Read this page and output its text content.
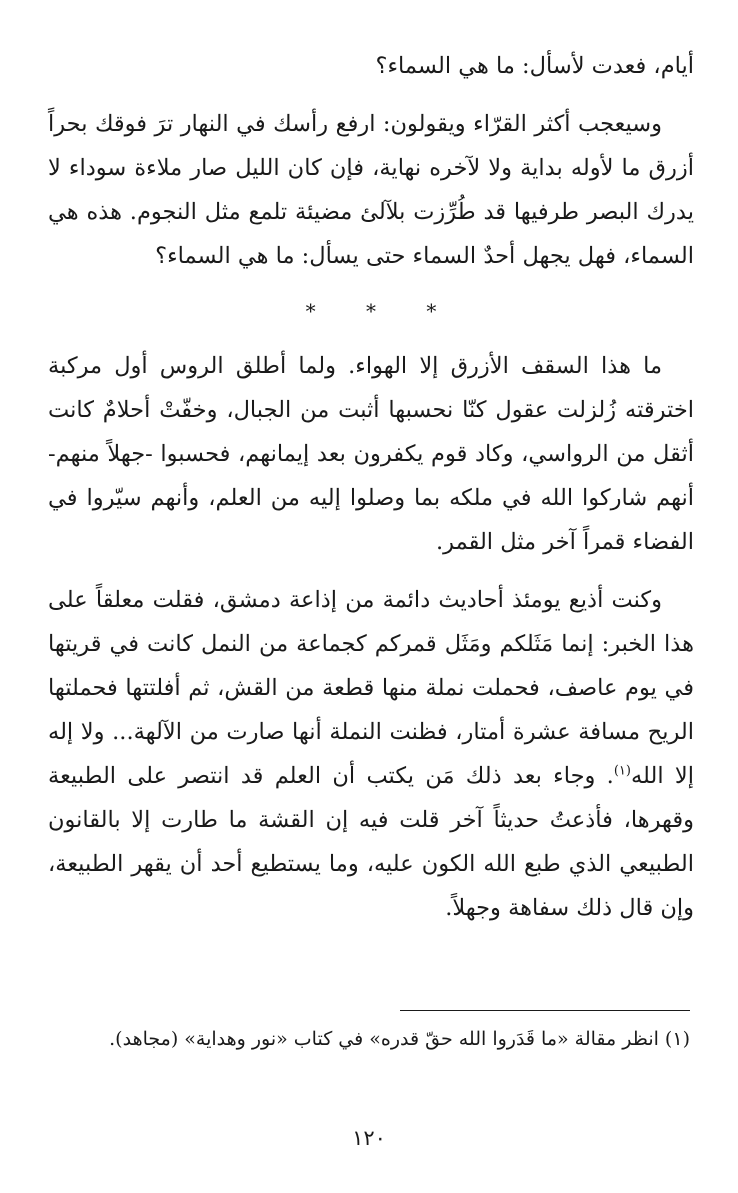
أيام، فعدت لأسأل: ما هي السماء؟

وسيعجب أكثر القرّاء ويقولون: ارفع رأسك في النهار ترَ فوقك بحراً أزرق ما لأوله بداية ولا لآخره نهاية، فإن كان الليل صار ملاءة سوداء لا يدرك البصر طرفيها قد طُرِّزت بلآلئ مضيئة تلمع مثل النجوم. هذه هي السماء، فهل يجهل أحدٌ السماء حتى يسأل: ما هي السماء؟

* * *

ما هذا السقف الأزرق إلا الهواء. ولما أطلق الروس أول مركبة اخترقته زُلزلت عقول كنّا نحسبها أثبت من الجبال، وخفّتْ أحلامٌ كانت أثقل من الرواسي، وكاد قوم يكفرون بعد إيمانهم، فحسبوا -جهلاً منهم- أنهم شاركوا الله في ملكه بما وصلوا إليه من العلم، وأنهم سيّروا في الفضاء قمراً آخر مثل القمر.

وكنت أذيع يومئذ أحاديث دائمة من إذاعة دمشق، فقلت معلقاً على هذا الخبر: إنما مَثَلكم ومَثَل قمركم كجماعة من النمل كانت في قريتها في يوم عاصف، فحملت نملة منها قطعة من القش، ثم أفلتتها فحملتها الريح مسافة عشرة أمتار، فظنت النملة أنها صارت من الآلهة... ولا إله إلا الله$^{(١)}$. وجاء بعد ذلك مَن يكتب أن العلم قد انتصر على الطبيعة وقهرها، فأذعتُ حديثاً آخر قلت فيه إن القشة ما طارت إلا بالقانون الطبيعي الذي طبع الله الكون عليه، وما يستطيع أحد أن يقهر الطبيعة، وإن قال ذلك سفاهة وجهلاً.

(١) انظر مقالة «ما قَدَروا الله حقّ قدره» في كتاب «نور وهداية» (مجاهد).
١٢٠
